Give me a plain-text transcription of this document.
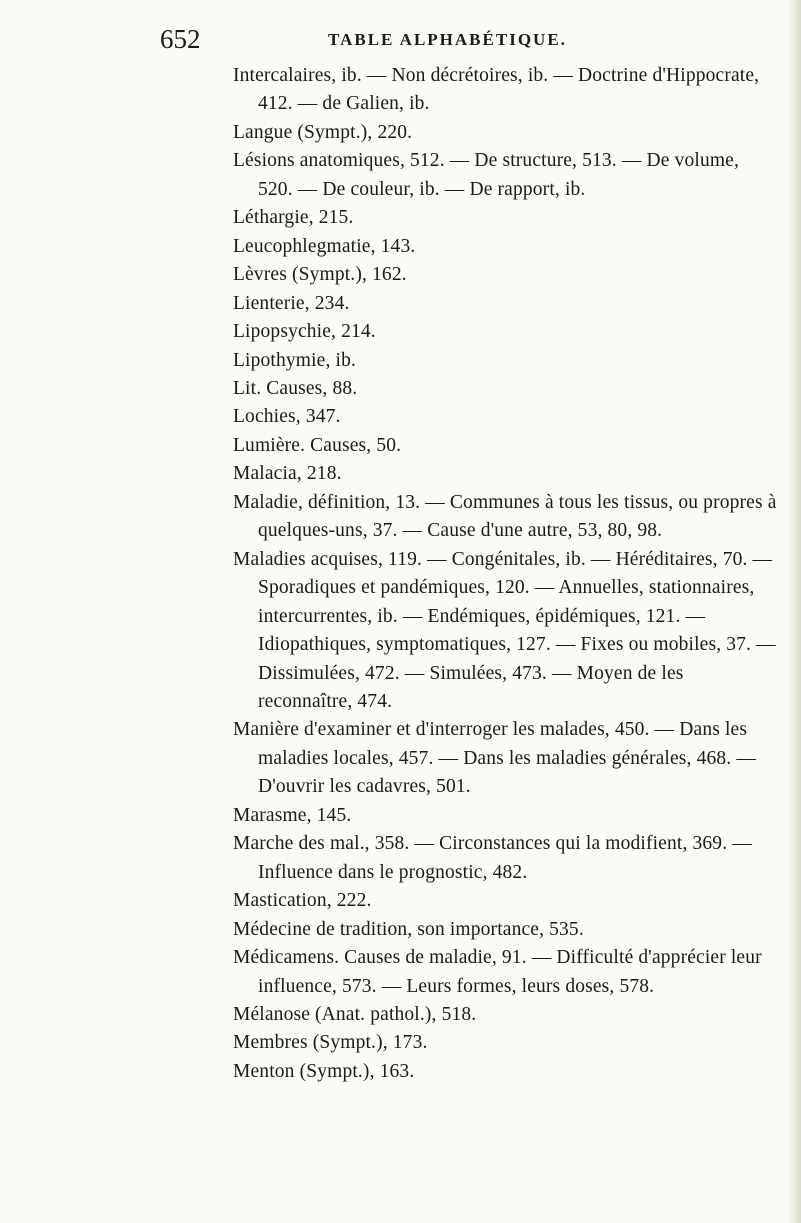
652	TABLE ALPHABÉTIQUE.

Intercalaires, ib. — Non décrétoires, ib. — Doctrine d'Hippocrate, 412. — de Galien, ib.

Langue (Sympt.), 220.

Lésions anatomiques, 512. — De structure, 513. — De volume, 520. — De couleur, ib. — De rapport, ib.

Léthargie, 215.

Leucophlegmatie, 143.

Lèvres (Sympt.), 162.

Lienterie, 234.

Lipopsychie, 214.

Lipothymie, ib.

Lit. Causes, 88.

Lochies, 347.

Lumière. Causes, 50.

Malacia, 218.

Maladie, définition, 13. — Communes à tous les tissus, ou propres à quelques-uns, 37. — Cause d'une autre, 53, 80, 98.

Maladies acquises, 119. — Congénitales, ib. — Héréditaires, 70. — Sporadiques et pandémiques, 120. — Annuelles, stationnaires, intercurrentes, ib. — Endémiques, épidémiques, 121. — Idiopathiques, symptomatiques, 127. — Fixes ou mobiles, 37. — Dissimulées, 472. — Simulées, 473. — Moyen de les reconnaître, 474.

Manière d'examiner et d'interroger les malades, 450. — Dans les maladies locales, 457. — Dans les maladies générales, 468. — D'ouvrir les cadavres, 501.

Marasme, 145.

Marche des mal., 358. — Circonstances qui la modifient, 369. — Influence dans le prognostic, 482.

Mastication, 222.

Médecine de tradition, son importance, 535.

Médicamens. Causes de maladie, 91. — Difficulté d'apprécier leur influence, 573. — Leurs formes, leurs doses, 578.

Mélanose (Anat. pathol.), 518.

Membres (Sympt.), 173.

Menton (Sympt.), 163.
